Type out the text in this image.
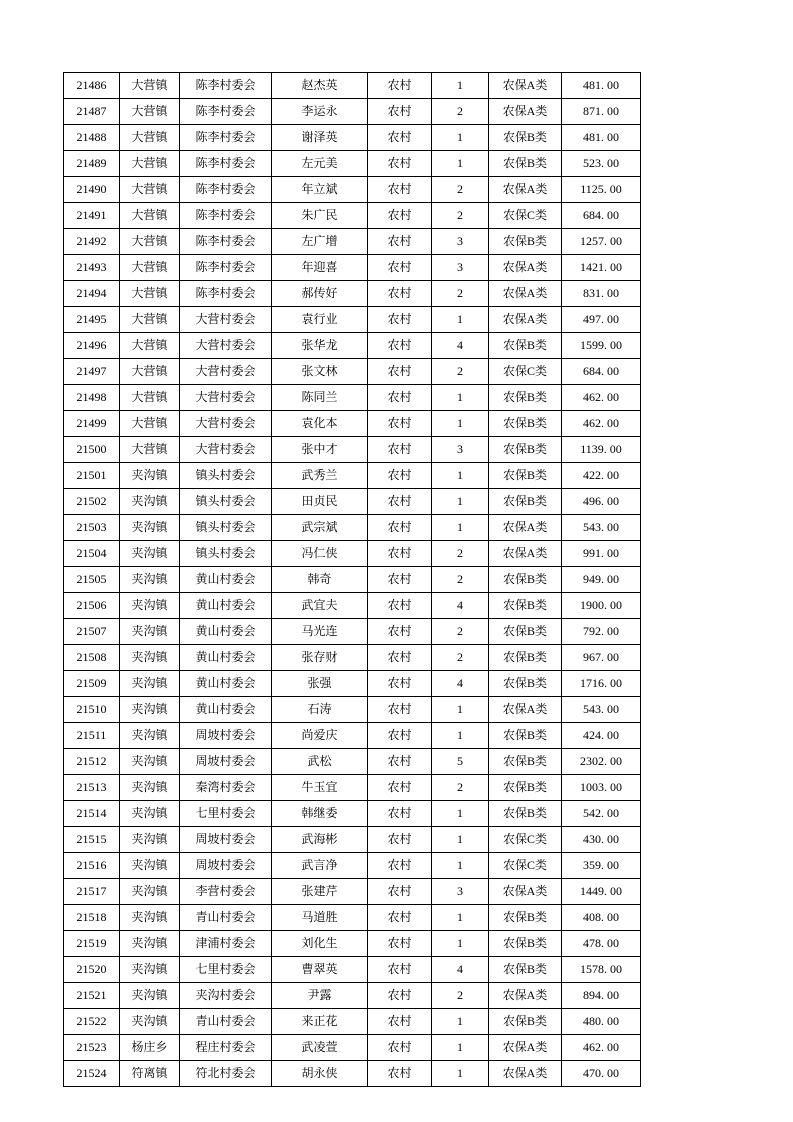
21486	大营镇	陈李村委会	赵杰英	农村	1	农保A类	481. 00
21487	大营镇	陈李村委会	李运永	农村	2	农保A类	871. 00
21488	大营镇	陈李村委会	谢泽英	农村	1	农保B类	481. 00
21489	大营镇	陈李村委会	左元美	农村	1	农保B类	523. 00
21490	大营镇	陈李村委会	年立斌	农村	2	农保A类	1125. 00
21491	大营镇	陈李村委会	朱广民	农村	2	农保C类	684. 00
21492	大营镇	陈李村委会	左广增	农村	3	农保B类	1257. 00
21493	大营镇	陈李村委会	年迎喜	农村	3	农保A类	1421. 00
21494	大营镇	陈李村委会	郝传好	农村	2	农保A类	831. 00
21495	大营镇	大营村委会	袁行业	农村	1	农保A类	497. 00
21496	大营镇	大营村委会	张华龙	农村	4	农保B类	1599. 00
21497	大营镇	大营村委会	张文林	农村	2	农保C类	684. 00
21498	大营镇	大营村委会	陈同兰	农村	1	农保B类	462. 00
21499	大营镇	大营村委会	袁化本	农村	1	农保B类	462. 00
21500	大营镇	大营村委会	张中才	农村	3	农保B类	1139. 00
21501	夹沟镇	镇头村委会	武秀兰	农村	1	农保B类	422. 00
21502	夹沟镇	镇头村委会	田贞民	农村	1	农保B类	496. 00
21503	夹沟镇	镇头村委会	武宗斌	农村	1	农保A类	543. 00
21504	夹沟镇	镇头村委会	冯仁侠	农村	2	农保A类	991. 00
21505	夹沟镇	黄山村委会	韩奇	农村	2	农保B类	949. 00
21506	夹沟镇	黄山村委会	武宜夫	农村	4	农保B类	1900. 00
21507	夹沟镇	黄山村委会	马光连	农村	2	农保B类	792. 00
21508	夹沟镇	黄山村委会	张存财	农村	2	农保B类	967. 00
21509	夹沟镇	黄山村委会	张强	农村	4	农保B类	1716. 00
21510	夹沟镇	黄山村委会	石涛	农村	1	农保A类	543. 00
21511	夹沟镇	周坡村委会	尚爱庆	农村	1	农保B类	424. 00
21512	夹沟镇	周坡村委会	武松	农村	5	农保B类	2302. 00
21513	夹沟镇	秦湾村委会	牛玉宜	农村	2	农保B类	1003. 00
21514	夹沟镇	七里村委会	韩继委	农村	1	农保B类	542. 00
21515	夹沟镇	周坡村委会	武海彬	农村	1	农保C类	430. 00
21516	夹沟镇	周坡村委会	武言净	农村	1	农保C类	359. 00
21517	夹沟镇	李营村委会	张建芹	农村	3	农保A类	1449. 00
21518	夹沟镇	青山村委会	马道胜	农村	1	农保B类	408. 00
21519	夹沟镇	津浦村委会	刘化生	农村	1	农保B类	478. 00
21520	夹沟镇	七里村委会	曹翠英	农村	4	农保B类	1578. 00
21521	夹沟镇	夹沟村委会	尹露	农村	2	农保A类	894. 00
21522	夹沟镇	青山村委会	来正花	农村	1	农保B类	480. 00
21523	杨庄乡	程庄村委会	武凌萱	农村	1	农保A类	462. 00
21524	符离镇	符北村委会	胡永侠	农村	1	农保A类	470. 00
